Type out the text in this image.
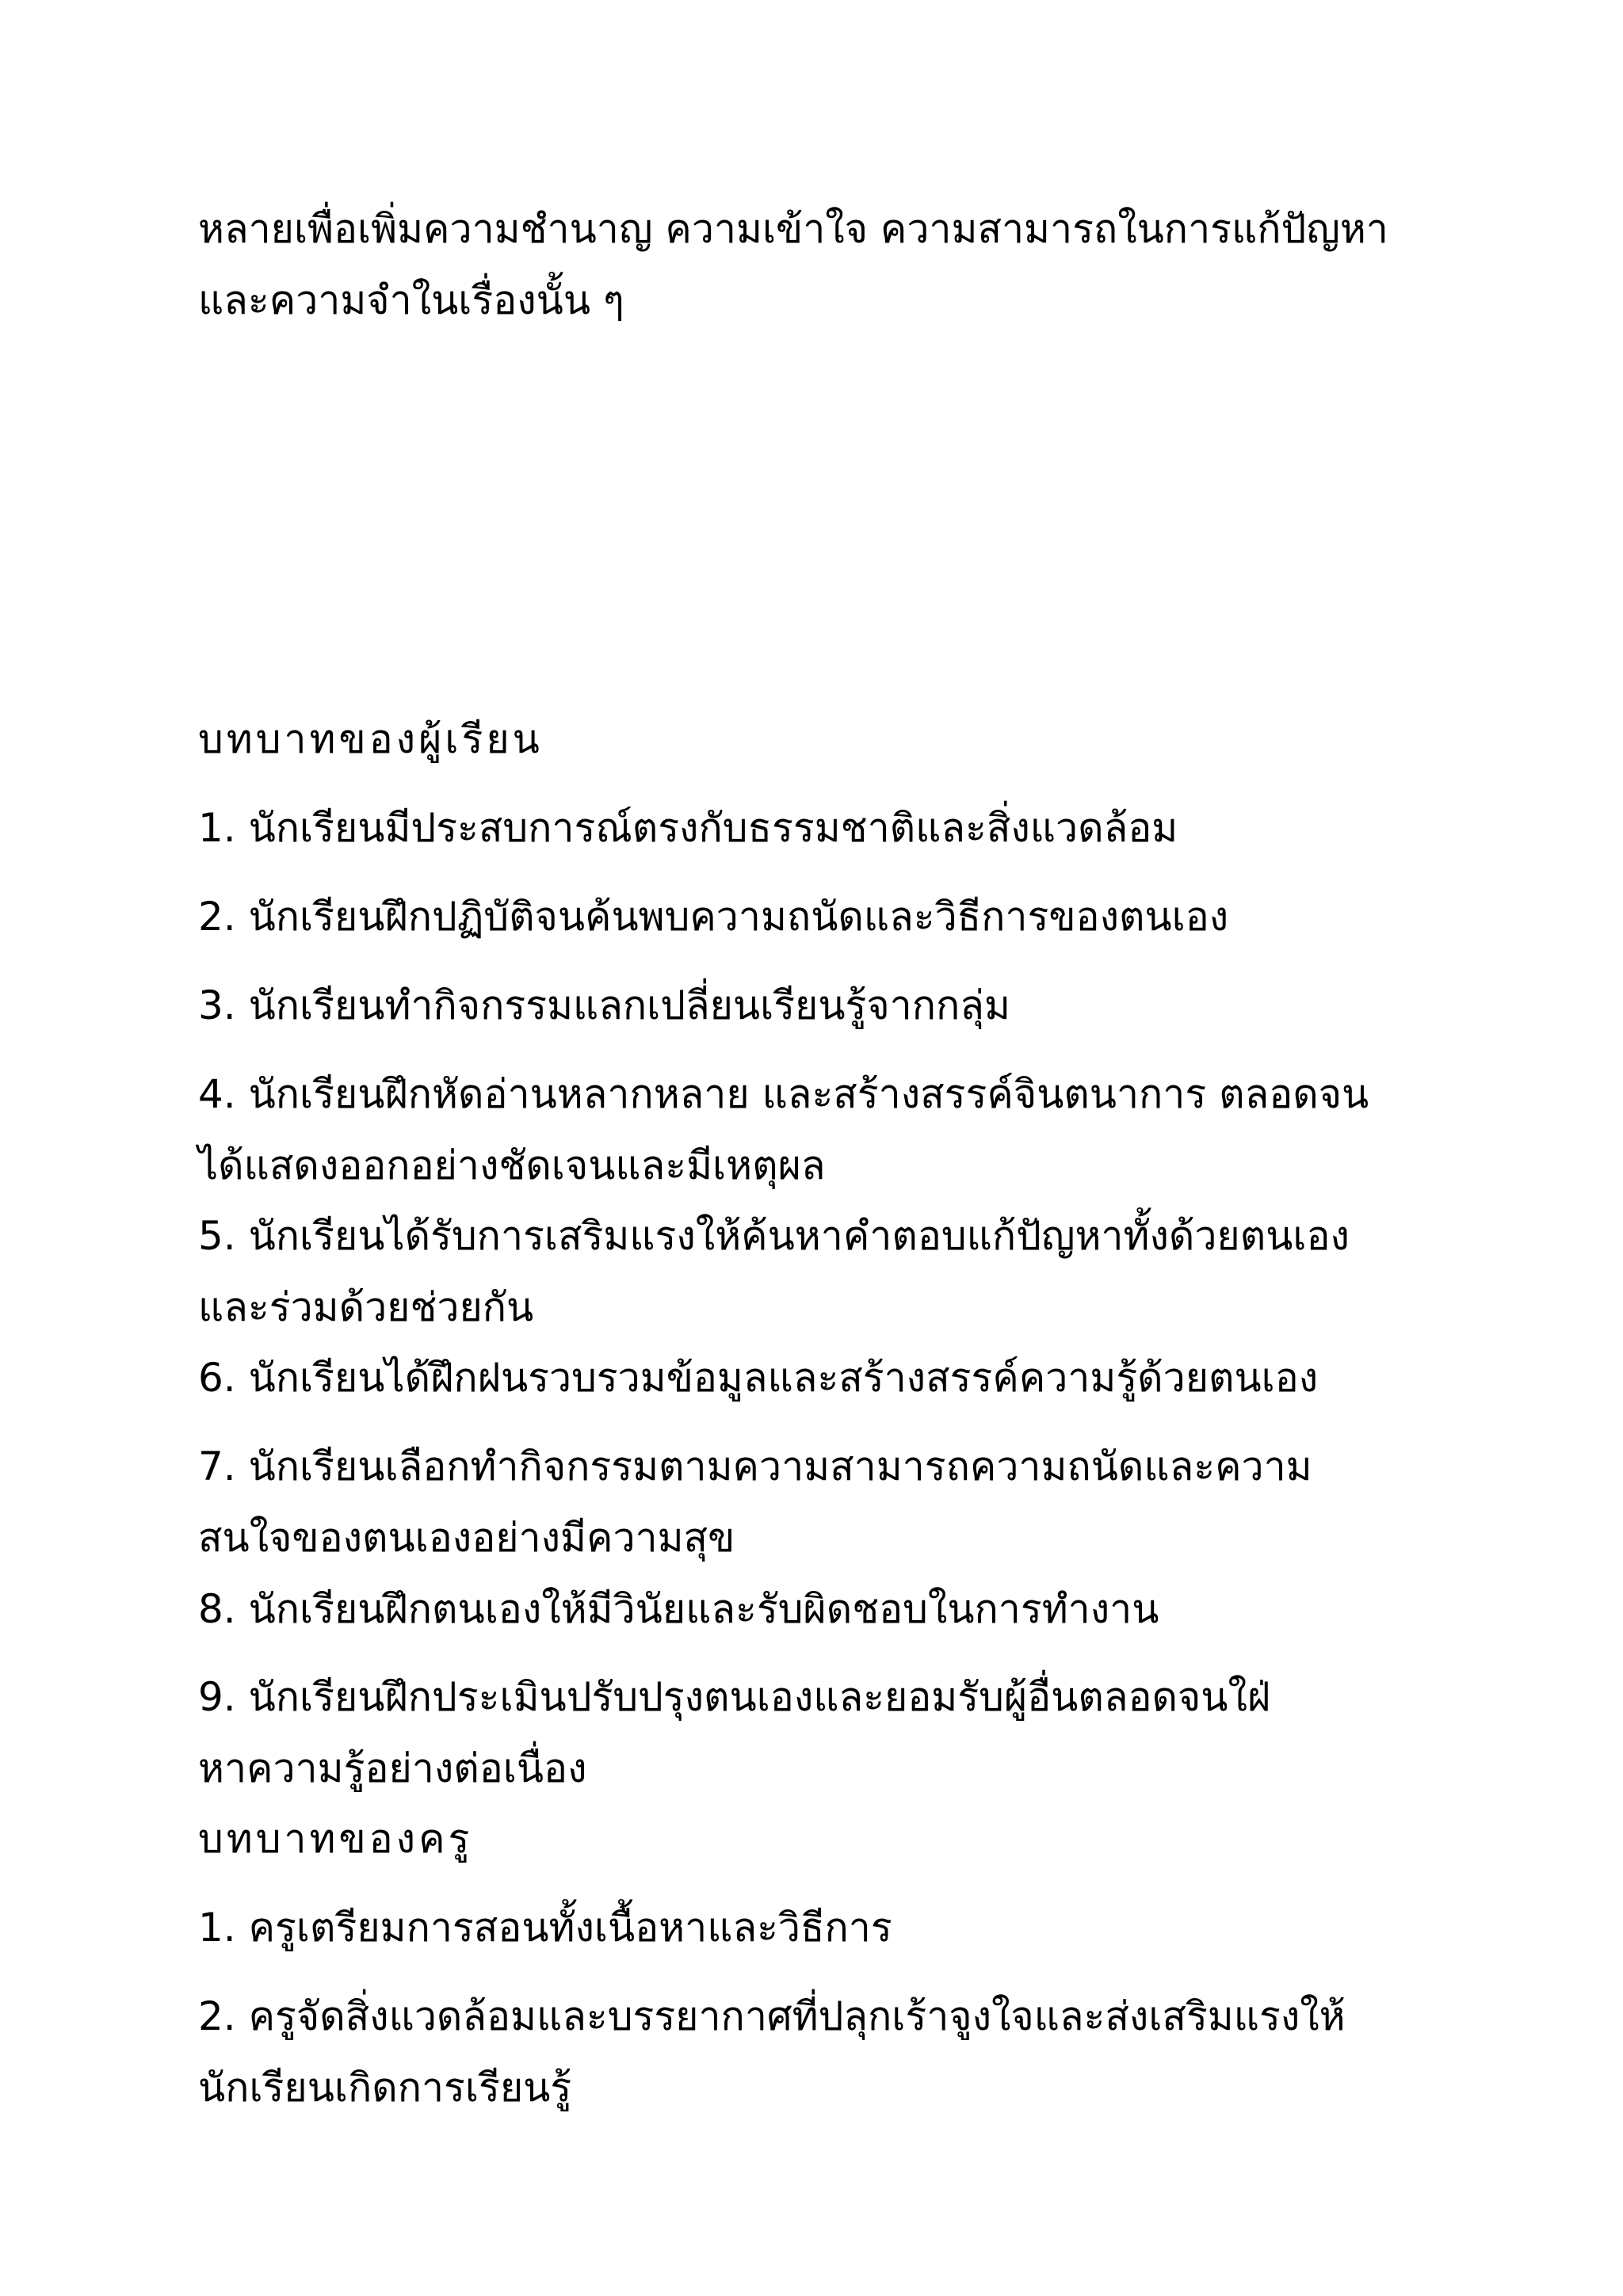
หลายเพื่อเพิ่มความชำนาญ ความเข้าใจ ความสามารถในการแก้ปัญหา
และความจำในเรื่องนั้น ๆ

บทบาทของผู้เรียน

1. นักเรียนมีประสบการณ์ตรงกับธรรมชาติและสิ่งแวดล้อม

2. นักเรียนฝึกปฏิบัติจนค้นพบความถนัดและวิธีการของตนเอง

3. นักเรียนทำกิจกรรมแลกเปลี่ยนเรียนรู้จากกลุ่ม

4. นักเรียนฝึกหัดอ่านหลากหลาย และสร้างสรรค์จินตนาการ ตลอดจน
ได้แสดงออกอย่างชัดเจนและมีเหตุผล

5. นักเรียนได้รับการเสริมแรงให้ค้นหาคำตอบแก้ปัญหาทั้งด้วยตนเอง
และร่วมด้วยช่วยกัน

6. นักเรียนได้ฝึกฝนรวบรวมข้อมูลและสร้างสรรค์ความรู้ด้วยตนเอง

7. นักเรียนเลือกทำกิจกรรมตามความสามารถความถนัดและความ
สนใจของตนเองอย่างมีความสุข

8. นักเรียนฝึกตนเองให้มีวินัยและรับผิดชอบในการทำงาน

9. นักเรียนฝึกประเมินปรับปรุงตนเองและยอมรับผู้อื่นตลอดจนใฝ่
หาความรู้อย่างต่อเนื่อง

บทบาทของครู

1. ครูเตรียมการสอนทั้งเนื้อหาและวิธีการ

2. ครูจัดสิ่งแวดล้อมและบรรยากาศที่ปลุกเร้าจูงใจและส่งเสริมแรงให้
นักเรียนเกิดการเรียนรู้
